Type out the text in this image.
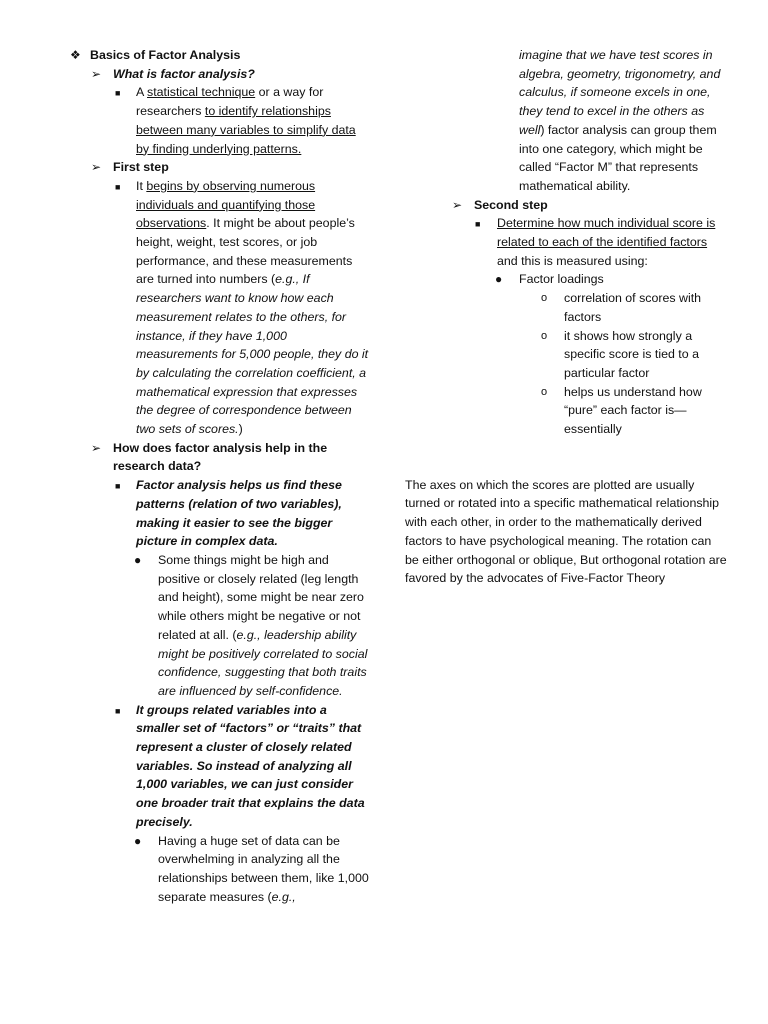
❖ Basics of Factor Analysis
➢ What is factor analysis?
■ A statistical technique or a way for researchers to identify relationships between many variables to simplify data by finding underlying patterns.
➢ First step
■ It begins by observing numerous individuals and quantifying those observations. It might be about people’s height, weight, test scores, or job performance, and these measurements are turned into numbers (e.g., If researchers want to know how each measurement relates to the others, for instance, if they have 1,000 measurements for 5,000 people, they do it by calculating the correlation coefficient, a mathematical expression that expresses the degree of correspondence between two sets of scores.)
➢ How does factor analysis help in the research data?
■ Factor analysis helps us find these patterns (relation of two variables), making it easier to see the bigger picture in complex data.
● Some things might be high and positive or closely related (leg length and height), some might be near zero while others might be negative or not related at all. (e.g., leadership ability might be positively correlated to social confidence, suggesting that both traits are influenced by self-confidence.
■ It groups related variables into a smaller set of “factors” or “traits” that represent a cluster of closely related variables. So instead of analyzing all 1,000 variables, we can just consider one broader trait that explains the data precisely.
● Having a huge set of data can be overwhelming in analyzing all the relationships between them, like 1,000 separate measures (e.g.,
imagine that we have test scores in algebra, geometry, trigonometry, and calculus, if someone excels in one, they tend to excel in the others as well) factor analysis can group them into one category, which might be called “Factor M” that represents mathematical ability.
➢ Second step
■ Determine how much individual score is related to each of the identified factors and this is measured using:
● Factor loadings
o correlation of scores with factors
o it shows how strongly a specific score is tied to a particular factor
o helps us understand how “pure” each factor is—essentially
The axes on which the scores are plotted are usually turned or rotated into a specific mathematical relationship with each other, in order to the mathematically derived factors to have psychological meaning. The rotation can be either orthogonal or oblique, But orthogonal rotation are favored by the advocates of Five-Factor Theory
